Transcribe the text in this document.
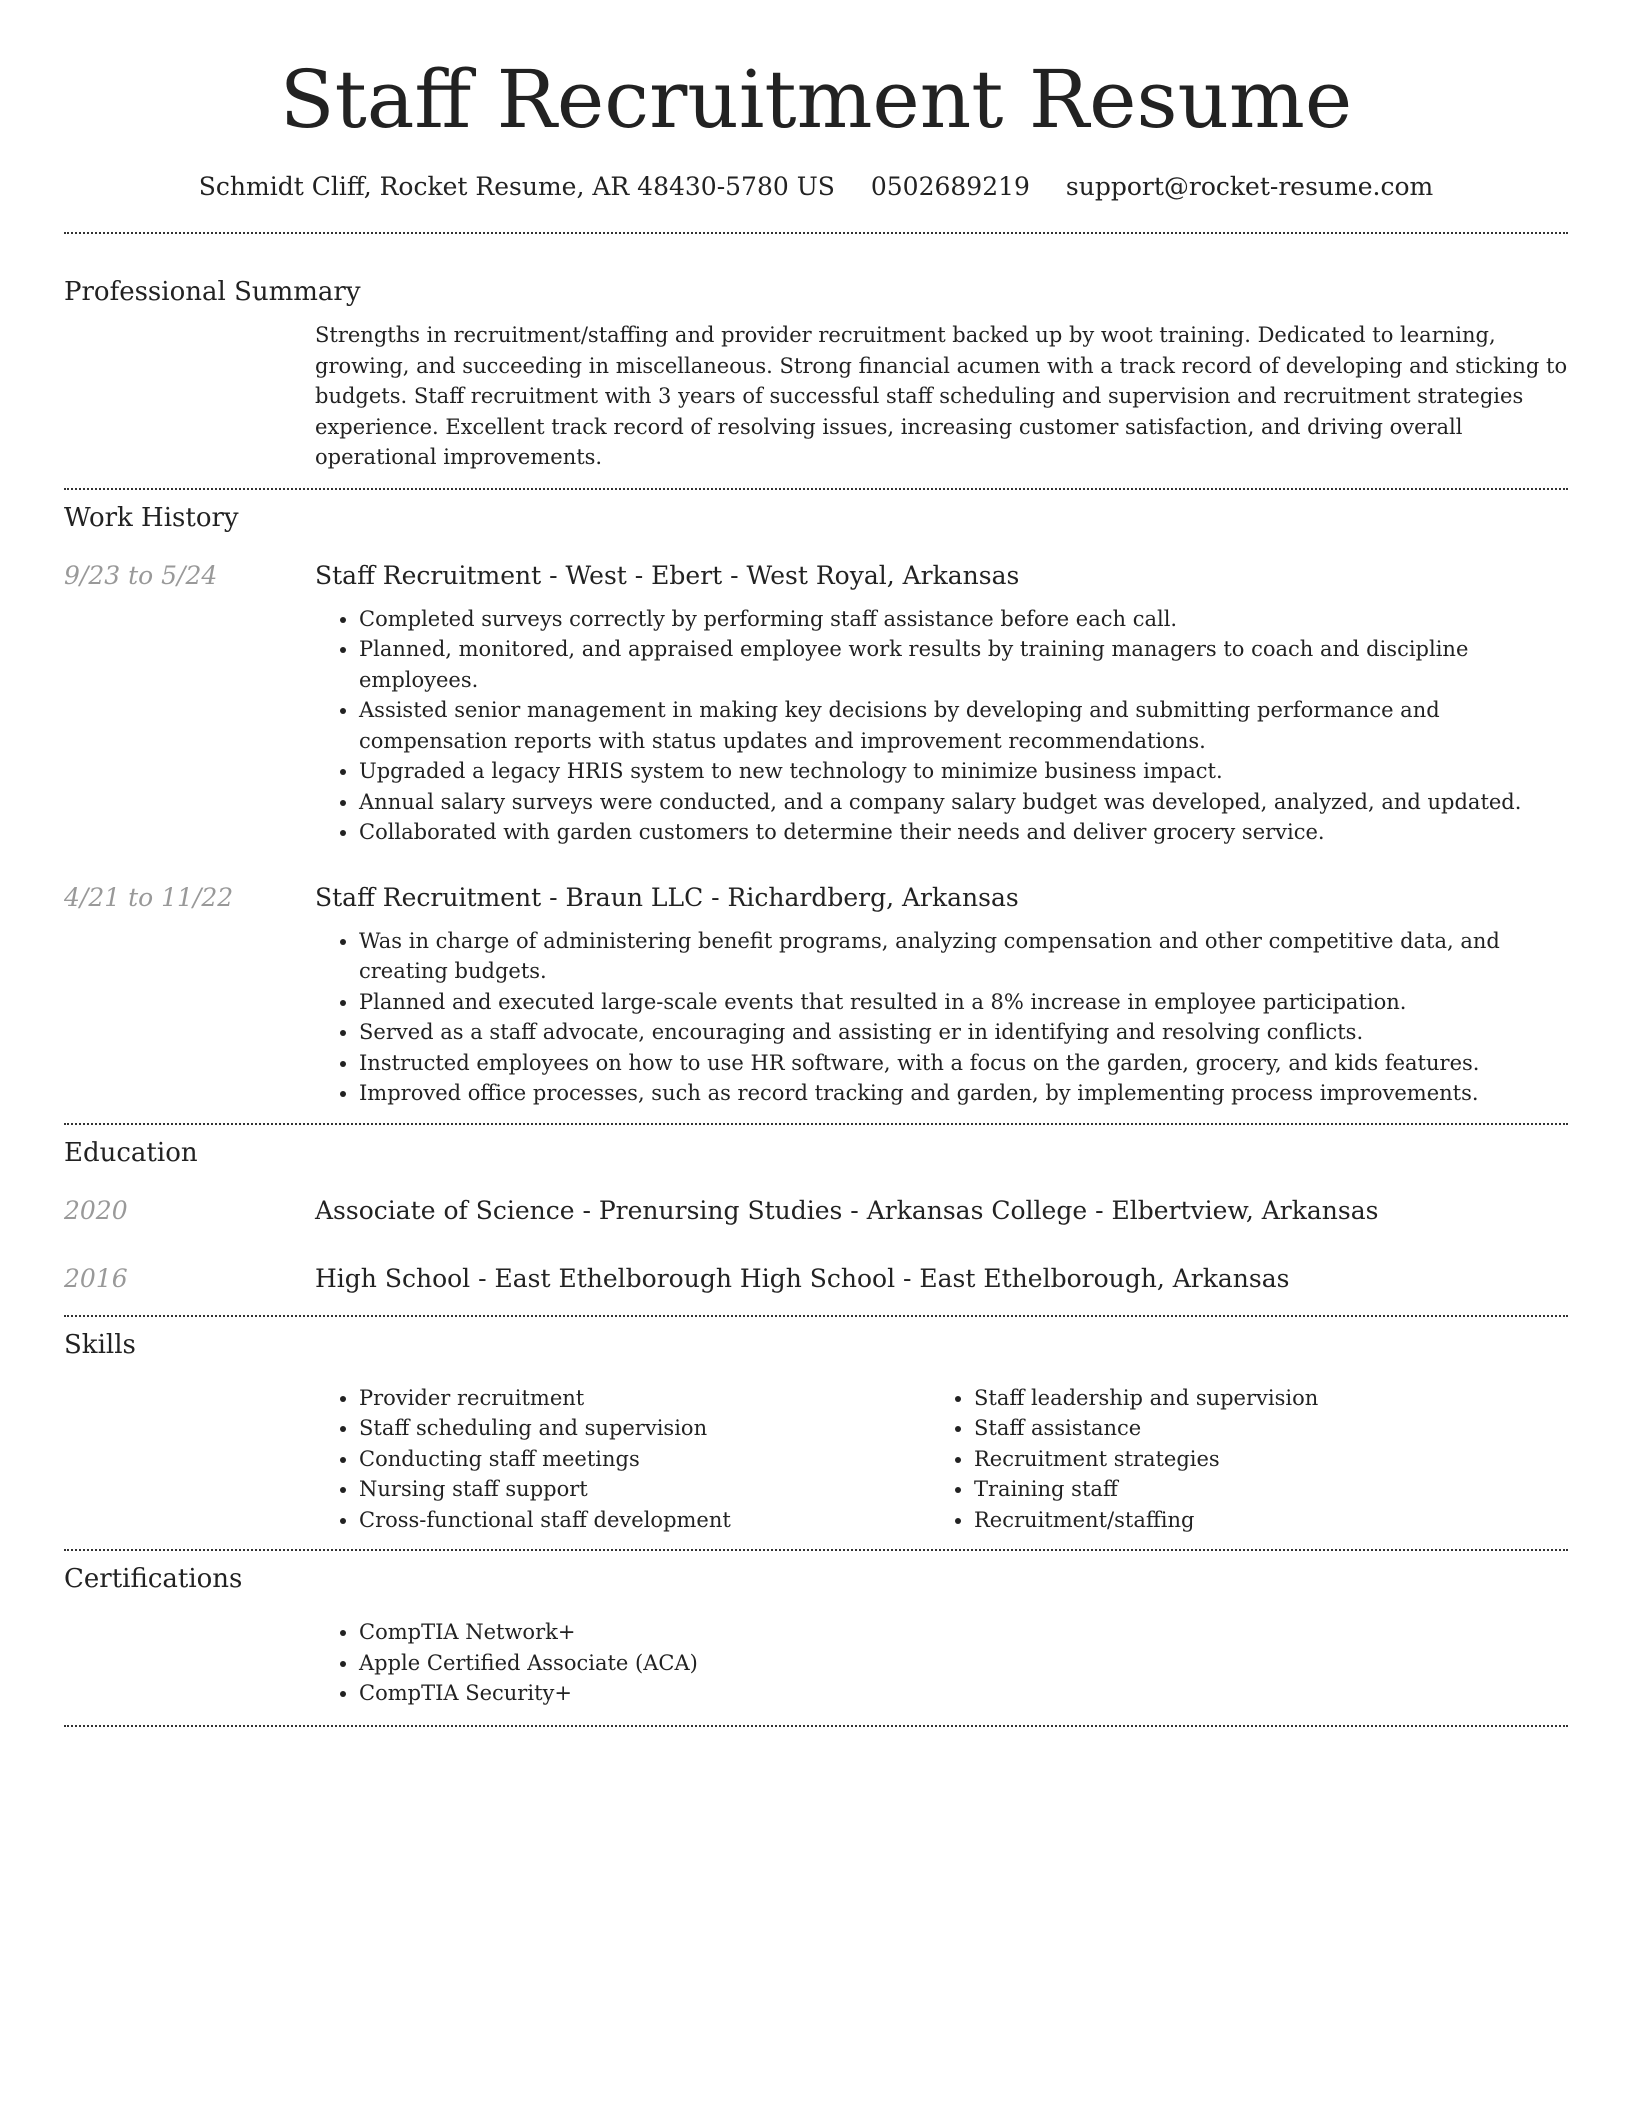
Staff Recruitment Resume
Schmidt Cliff, Rocket Resume, AR 48430-5780 US 0502689219 support@rocket-resume.com
Professional Summary

Strengths in recruitment/staffing and provider recruitment backed up by woot training. Dedicated to learning, growing, and succeeding in miscellaneous. Strong financial acumen with a track record of developing and sticking to budgets. Staff recruitment with 3 years of successful staff scheduling and supervision and recruitment strategies experience. Excellent track record of resolving issues, increasing customer satisfaction, and driving overall operational improvements.

Work History
9/23 to 5/24	Staff Recruitment - West - Ebert - West Royal, Arkansas
• Completed surveys correctly by performing staff assistance before each call.
• Planned, monitored, and appraised employee work results by training managers to coach and discipline employees.
• Assisted senior management in making key decisions by developing and submitting performance and compensation reports with status updates and improvement recommendations.
• Upgraded a legacy HRIS system to new technology to minimize business impact.
• Annual salary surveys were conducted, and a company salary budget was developed, analyzed, and updated.
• Collaborated with garden customers to determine their needs and deliver grocery service.
4/21 to 11/22	Staff Recruitment - Braun LLC - Richardberg, Arkansas
• Was in charge of administering benefit programs, analyzing compensation and other competitive data, and creating budgets.
• Planned and executed large-scale events that resulted in a 8% increase in employee participation.
• Served as a staff advocate, encouraging and assisting er in identifying and resolving conflicts.
• Instructed employees on how to use HR software, with a focus on the garden, grocery, and kids features.
• Improved office processes, such as record tracking and garden, by implementing process improvements.
Education
2020	Associate of Science - Prenursing Studies - Arkansas College - Elbertview, Arkansas
2016	High School - East Ethelborough High School - East Ethelborough, Arkansas
Skills
• Provider recruitment
• Staff scheduling and supervision
• Conducting staff meetings
• Nursing staff support
• Cross-functional staff development
• Staff leadership and supervision
• Staff assistance
• Recruitment strategies
• Training staff
• Recruitment/staffing
Certifications
• CompTIA Network+
• Apple Certified Associate (ACA)
• CompTIA Security+
